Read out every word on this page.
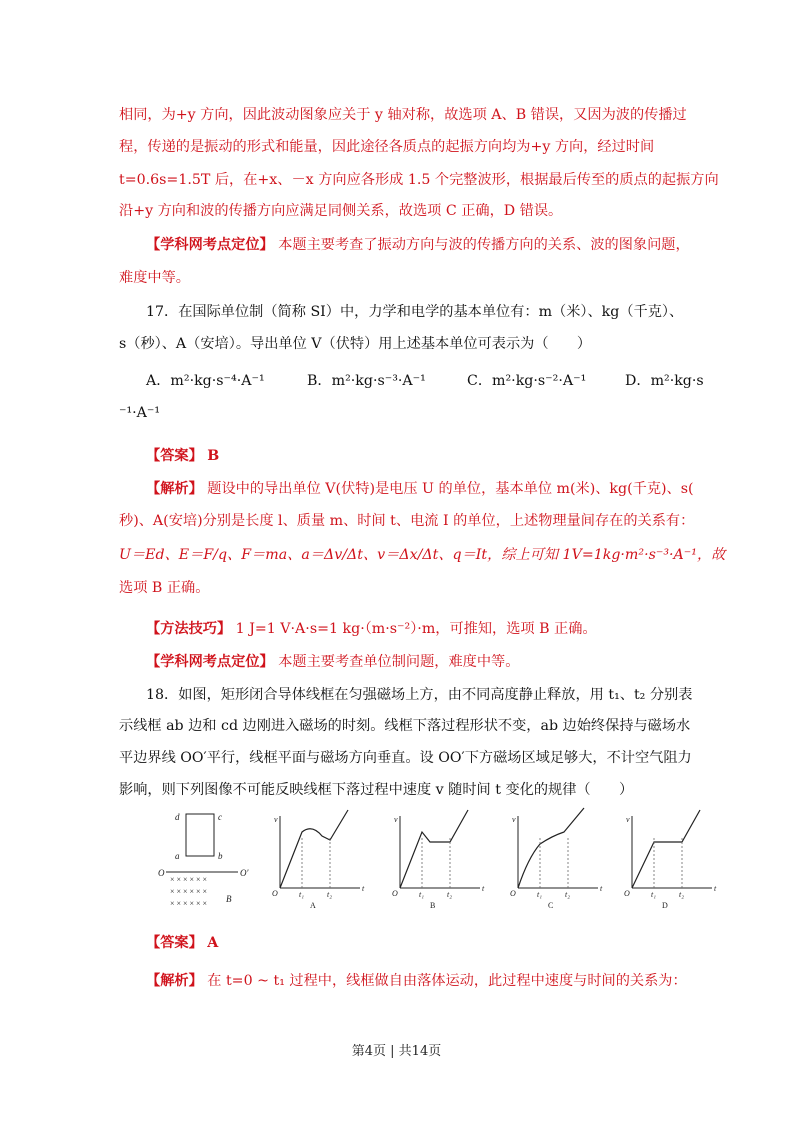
相同，为+y 方向，因此波动图象应关于 y 轴对称，故选项 A、B 错误，又因为波的传播过
程，传递的是振动的形式和能量，因此途径各质点的起振方向均为+y 方向，经过时间
t=0.6s=1.5T 后，在+x、－x 方向应各形成 1.5 个完整波形，根据最后传至的质点的起振方向
沿+y 方向和波的传播方向应满足同侧关系，故选项 C 正确，D 错误。
【学科网考点定位】 本题主要考查了振动方向与波的传播方向的关系、波的图象问题，
难度中等。
17．在国际单位制（简称 SI）中，力学和电学的基本单位有：m（米）、kg（千克）、
s（秒）、A（安培）。导出单位 V（伏特）用上述基本单位可表示为（　　）
A．m²·kg·s⁻⁴·A⁻¹	B．m²·kg·s⁻³·A⁻¹	C．m²·kg·s⁻²·A⁻¹	D．m²·kg·s
⁻¹·A⁻¹
【答案】 B
【解析】 题设中的导出单位 V(伏特)是电压 U 的单位，基本单位 m(米)、kg(千克)、s(
秒)、A(安培)分别是长度 l、质量 m、时间 t、电流 I 的单位，上述物理量间存在的关系有：
U＝Ed、E＝F/q、F＝ma、a＝Δv/Δt、v＝Δx/Δt、q＝It，综上可知 1V=1kg·m²·s⁻³·A⁻¹，故
选项 B 正确。
【方法技巧】 1 J=1 V·A·s=1 kg·（m·s⁻²）·m，可推知，选项 B 正确。
【学科网考点定位】 本题主要考查单位制问题，难度中等。
18．如图，矩形闭合导体线框在匀强磁场上方，由不同高度静止释放，用 t₁、t₂ 分别表
示线框 ab 边和 cd 边刚进入磁场的时刻。线框下落过程形状不变，ab 边始终保持与磁场水
平边界线 OO′平行，线框平面与磁场方向垂直。设 OO′下方磁场区域足够大，不计空气阻力
影响，则下列图像不可能反映线框下落过程中速度 v 随时间 t 变化的规律（　　）
d	c
a	b
O	O′
× × × × × ×
× × × × × ×
× × × × × × B
v
t
O	t₁	t₂
A
v
t
O	t₁	t₂
B
v
t
O	t₁	t₂
C
v
t
O	t₁	t₂
D
【答案】 A
【解析】 在 t=0 ~ t₁ 过程中，线框做自由落体运动，此过程中速度与时间的关系为：
第4页 | 共14页
